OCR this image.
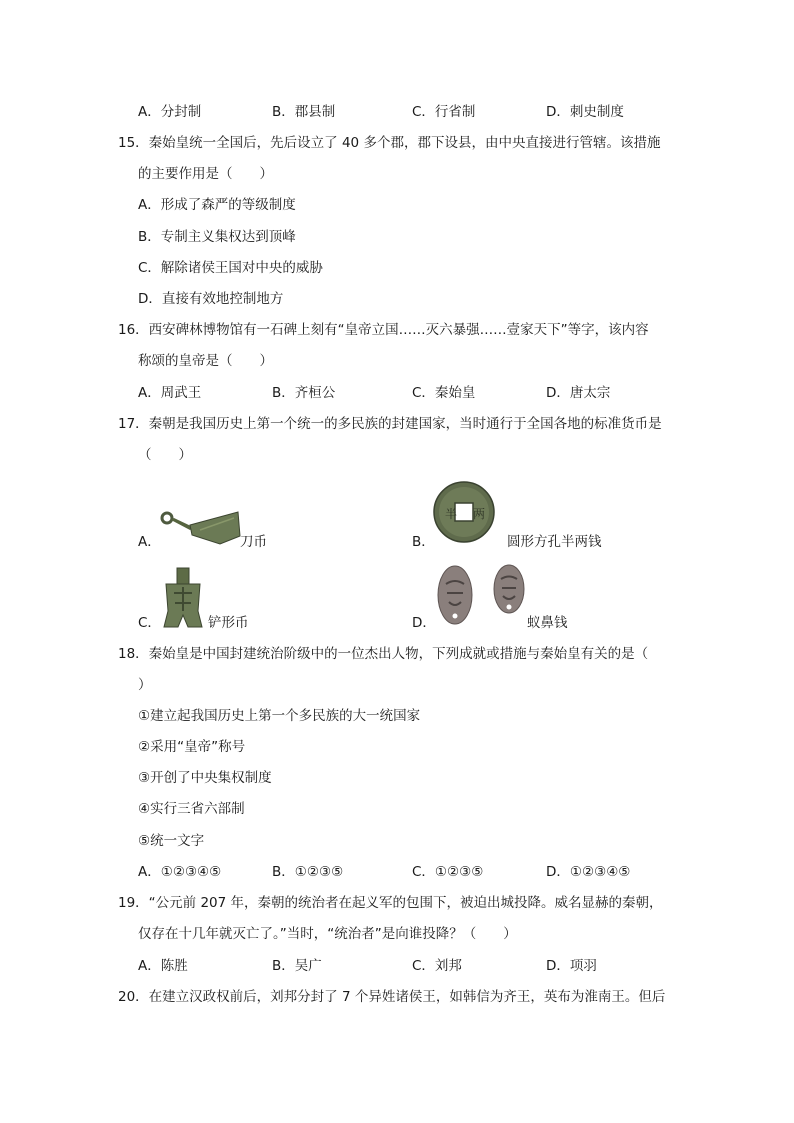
A．分封制	B．郡县制	C．行省制	D．刺史制度
15．秦始皇统一全国后，先后设立了 40 多个郡，郡下设县，由中央直接进行管辖。该措施
的主要作用是（　　）
A．形成了森严的等级制度
B．专制主义集权达到顶峰
C．解除诸侯王国对中央的威胁
D．直接有效地控制地方
16．西安碑林博物馆有一石碑上刻有“皇帝立国……灭六暴强……壹家天下”等字，该内容
称颂的皇帝是（　　）
A．周武王	B．齐桓公	C．秦始皇	D．唐太宗
17．秦朝是我国历史上第一个统一的多民族的封建国家，当时通行于全国各地的标准货币是
（　　）
A．	刀币	B．
半 两
圆形方孔半两钱
C．	铲形币	D．	蚁鼻钱
18．秦始皇是中国封建统治阶级中的一位杰出人物，下列成就或措施与秦始皇有关的是（
）
①建立起我国历史上第一个多民族的大一统国家
②采用“皇帝”称号
③开创了中央集权制度
④实行三省六部制
⑤统一文字
A．①②③④⑤	B．①②③⑤	C．①②③⑤	D．①②③④⑤
19．“公元前 207 年，秦朝的统治者在起义军的包围下，被迫出城投降。威名显赫的秦朝，
仅存在十几年就灭亡了。”当时，“统治者”是向谁投降？（　　）
A．陈胜	B．吴广	C．刘邦	D．项羽
20．在建立汉政权前后，刘邦分封了 7 个异姓诸侯王，如韩信为齐王，英布为淮南王。但后
